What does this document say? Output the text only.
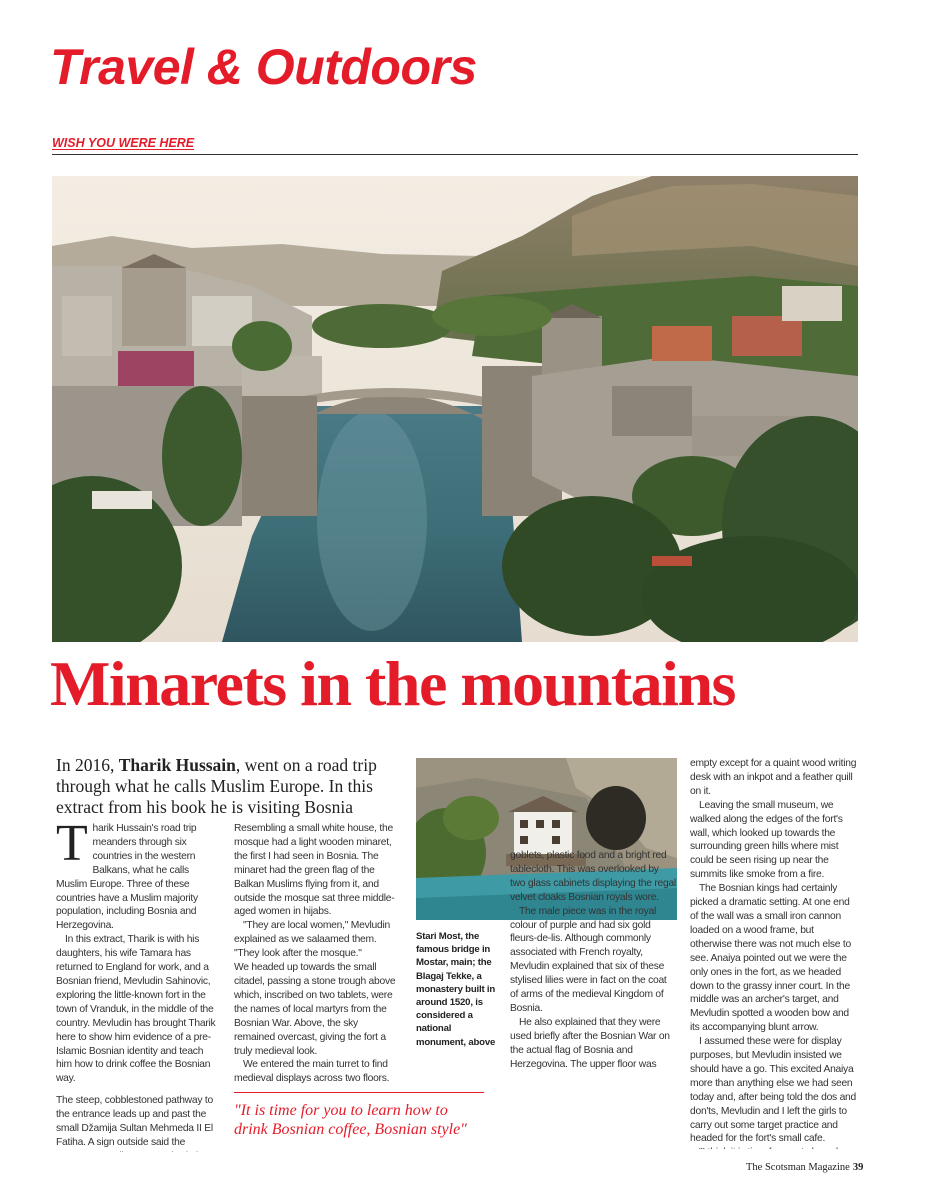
Travel & Outdoors
WISH YOU WERE HERE
Minarets in the mountains
In 2016, Tharik Hussain, went on a road trip through what he calls Muslim Europe. In this extract from his book he is visiting Bosnia
T harik Hussain's road trip meanders through six countries in the western Balkans, what he calls Muslim Europe. Three of these countries have a Muslim majority population, including Bosnia and Herzegovina.

In this extract, Tharik is with his daughters, his wife Tamara has returned to England for work, and a Bosnian friend, Mevludin Sahinovic, exploring the little-known fort in the town of Vranduk, in the middle of the country. Mevludin has brought Tharik here to show him evidence of a pre-Islamic Bosnian identity and teach him how to drink coffee the Bosnian way.

The steep, cobblestoned pathway to the entrance leads up and past the small Džamija Sultan Mehmeda II El Fatiha. A sign outside said the

Resembling a small white house, the mosque had a light wooden minaret, the first I had seen in Bosnia. The minaret had the green flag of the Balkan Muslims flying from it, and outside the mosque sat three middle-aged women in hijabs.

"They are local women," Mevludin explained as we salaamed them. "They look after the mosque."

We headed up towards the small citadel, passing a stone trough above which, inscribed on two tablets, were the names of local martyrs from the Bosnian War. Above, the sky remained overcast, giving the fort a truly medieval look.

We entered the main turret to find medieval displays across two floors.

"It is time for you to learn how to drink Bosnian coffee, Bosnian style"
Stari Most, the famous bridge in Mostar, main; the Blagaj Tekke, a monastery built in around 1520, is considered a national monument, above

goblets, plastic food and a bright red tablecloth. This was overlooked by two glass cabinets displaying the regal velvet cloaks Bosnian royals wore.

The male piece was in the royal colour of purple and had six gold fleurs-de-lis. Although commonly associated with French royalty, Mevludin explained that six of these stylised lilies were in fact on the coat of arms of the medieval Kingdom of Bosnia.

He also explained that they were used briefly after the Bosnian War on the actual flag of Bosnia and Herzegovina. The upper floor was

empty except for a quaint wood writing desk with an inkpot and a feather quill on it.

Leaving the small museum, we walked along the edges of the fort's wall, which looked up towards the surrounding green hills where mist could be seen rising up near the summits like smoke from a fire.

The Bosnian kings had certainly picked a dramatic setting. At one end of the wall was a small iron cannon loaded on a wood frame, but otherwise there was not much else to see. Anaiya pointed out we were the only ones in the fort, as we headed down to the grassy inner court. In the middle was an archer's target, and Mevludin spotted a wooden bow and its accompanying blunt arrow.

I assumed these were for display purposes, but Mevludin insisted we should have a go. This excited Anaiya more than anything else we had seen today and, after being told the dos and don'ts, Mevludin and I left the girls to carry out some target practice and headed for the fort's small cafe.

The Scotsman Magazine 39
